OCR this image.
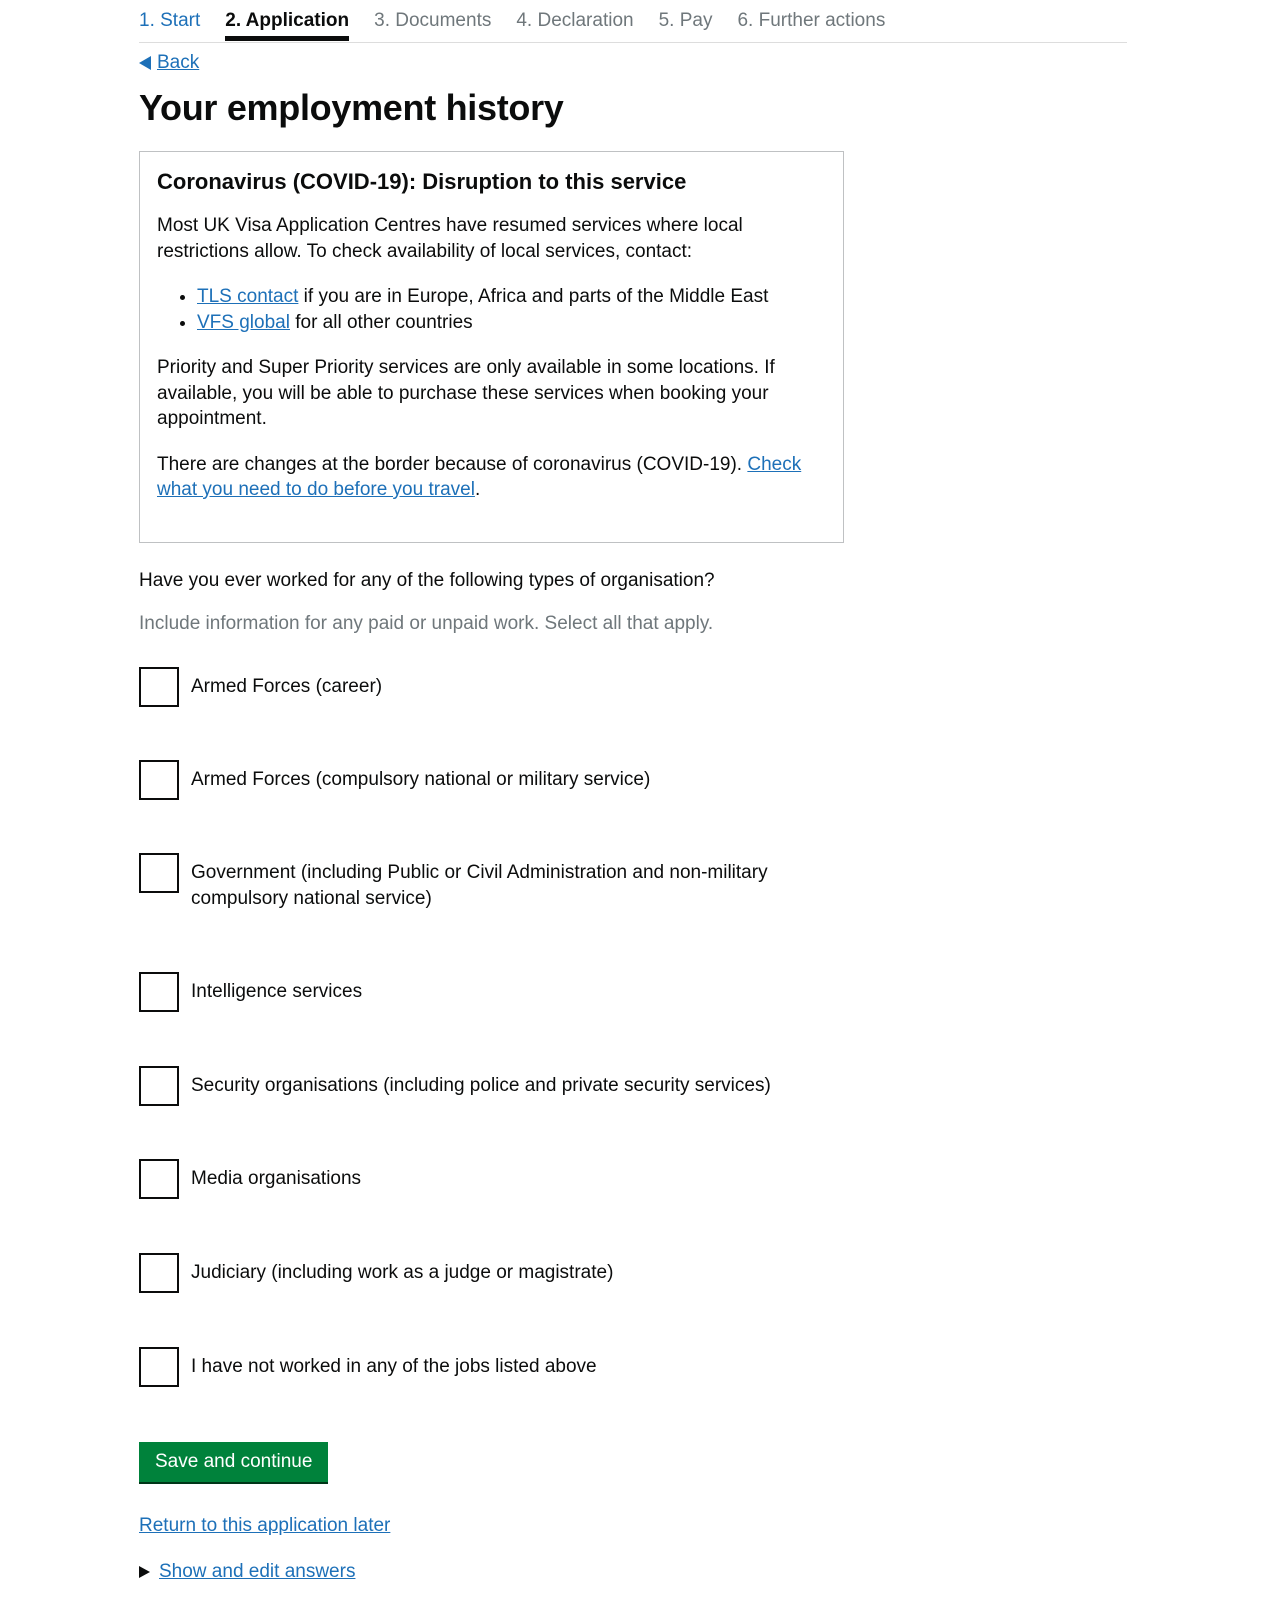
1. Start 2. Application 3. Documents 4. Declaration 5. Pay 6. Further actions
Back
Your employment history
Coronavirus (COVID-19): Disruption to this service

Most UK Visa Application Centres have resumed services where local restrictions allow. To check availability of local services, contact:

• TLS contact if you are in Europe, Africa and parts of the Middle East
• VFS global for all other countries

Priority and Super Priority services are only available in some locations. If available, you will be able to purchase these services when booking your appointment.

There are changes at the border because of coronavirus (COVID-19). Check what you need to do before you travel.

Have you ever worked for any of the following types of organisation?
Include information for any paid or unpaid work. Select all that apply.
Armed Forces (career)
Armed Forces (compulsory national or military service)
Government (including Public or Civil Administration and non-military compulsory national service)
Intelligence services
Security organisations (including police and private security services)
Media organisations
Judiciary (including work as a judge or magistrate)
I have not worked in any of the jobs listed above
Save and continue
Return to this application later
Show and edit answers
